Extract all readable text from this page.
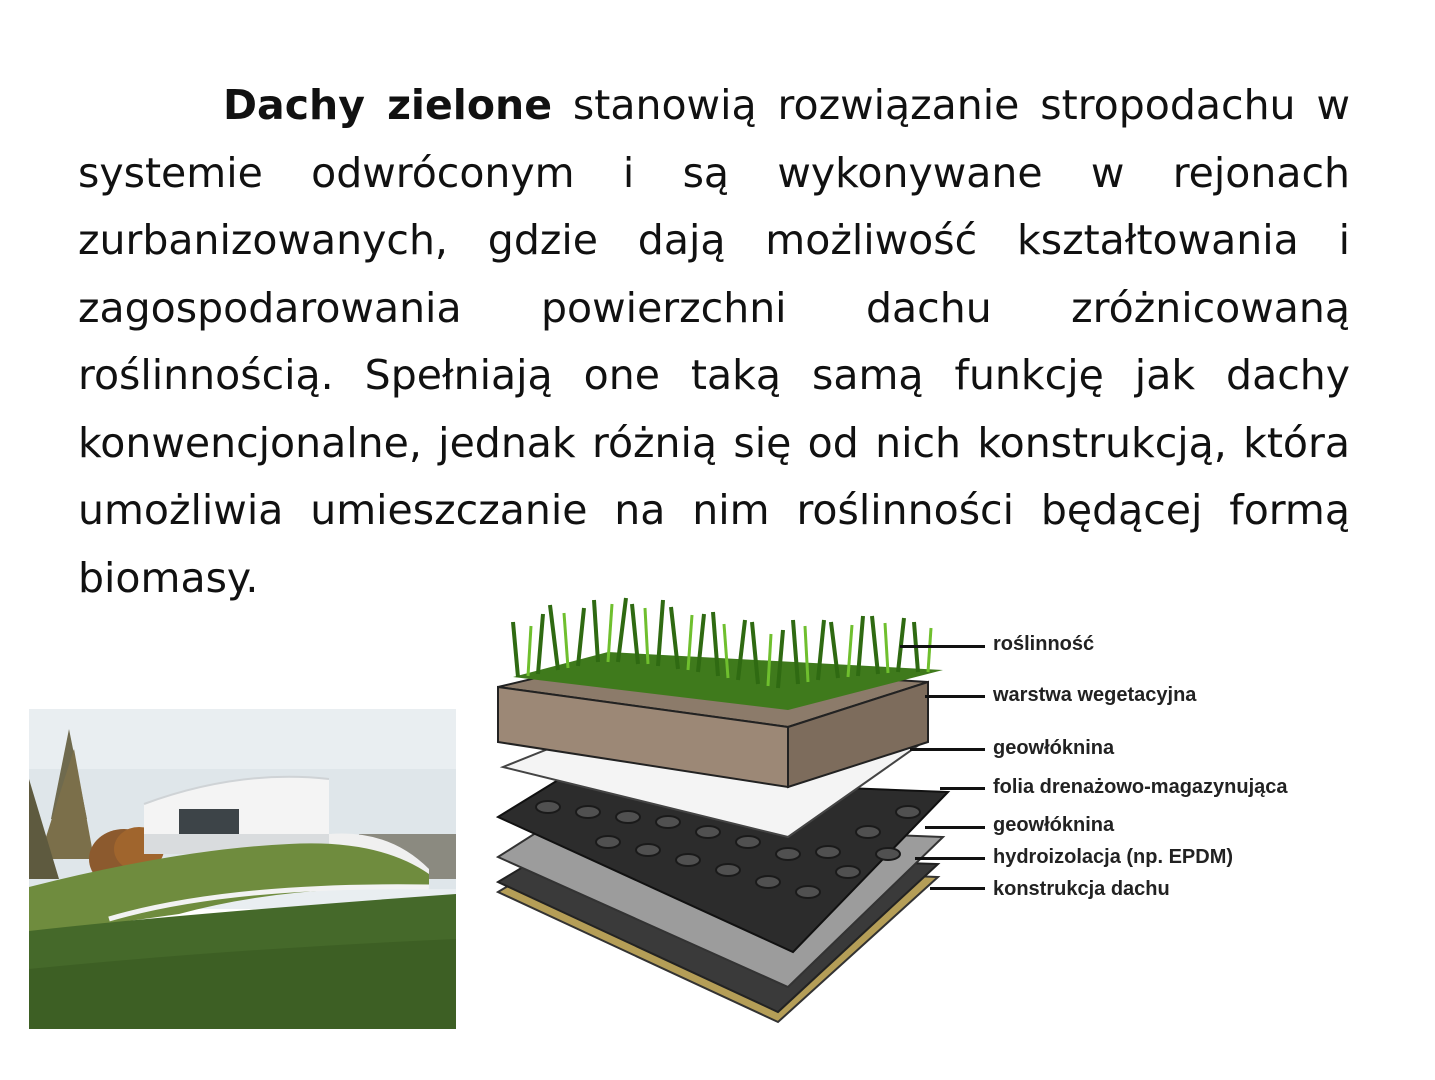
Dachy zielone stanowią rozwiązanie stropodachu w systemie odwróconym i są wykonywane w rejonach zurbanizowanych, gdzie dają możliwość kształtowania i zagospodarowania powierzchni dachu zróżnicowaną roślinnością. Spełniają one taką samą funkcję jak dachy konwencjonalne, jednak różnią się od nich konstrukcją, która umożliwia umieszczanie na nim roślinności będącej formą biomasy.
roślinność
warstwa wegetacyjna
geowłóknina
folia drenażowo-magazynująca
geowłóknina
hydroizolacja (np. EPDM)
konstrukcja dachu
